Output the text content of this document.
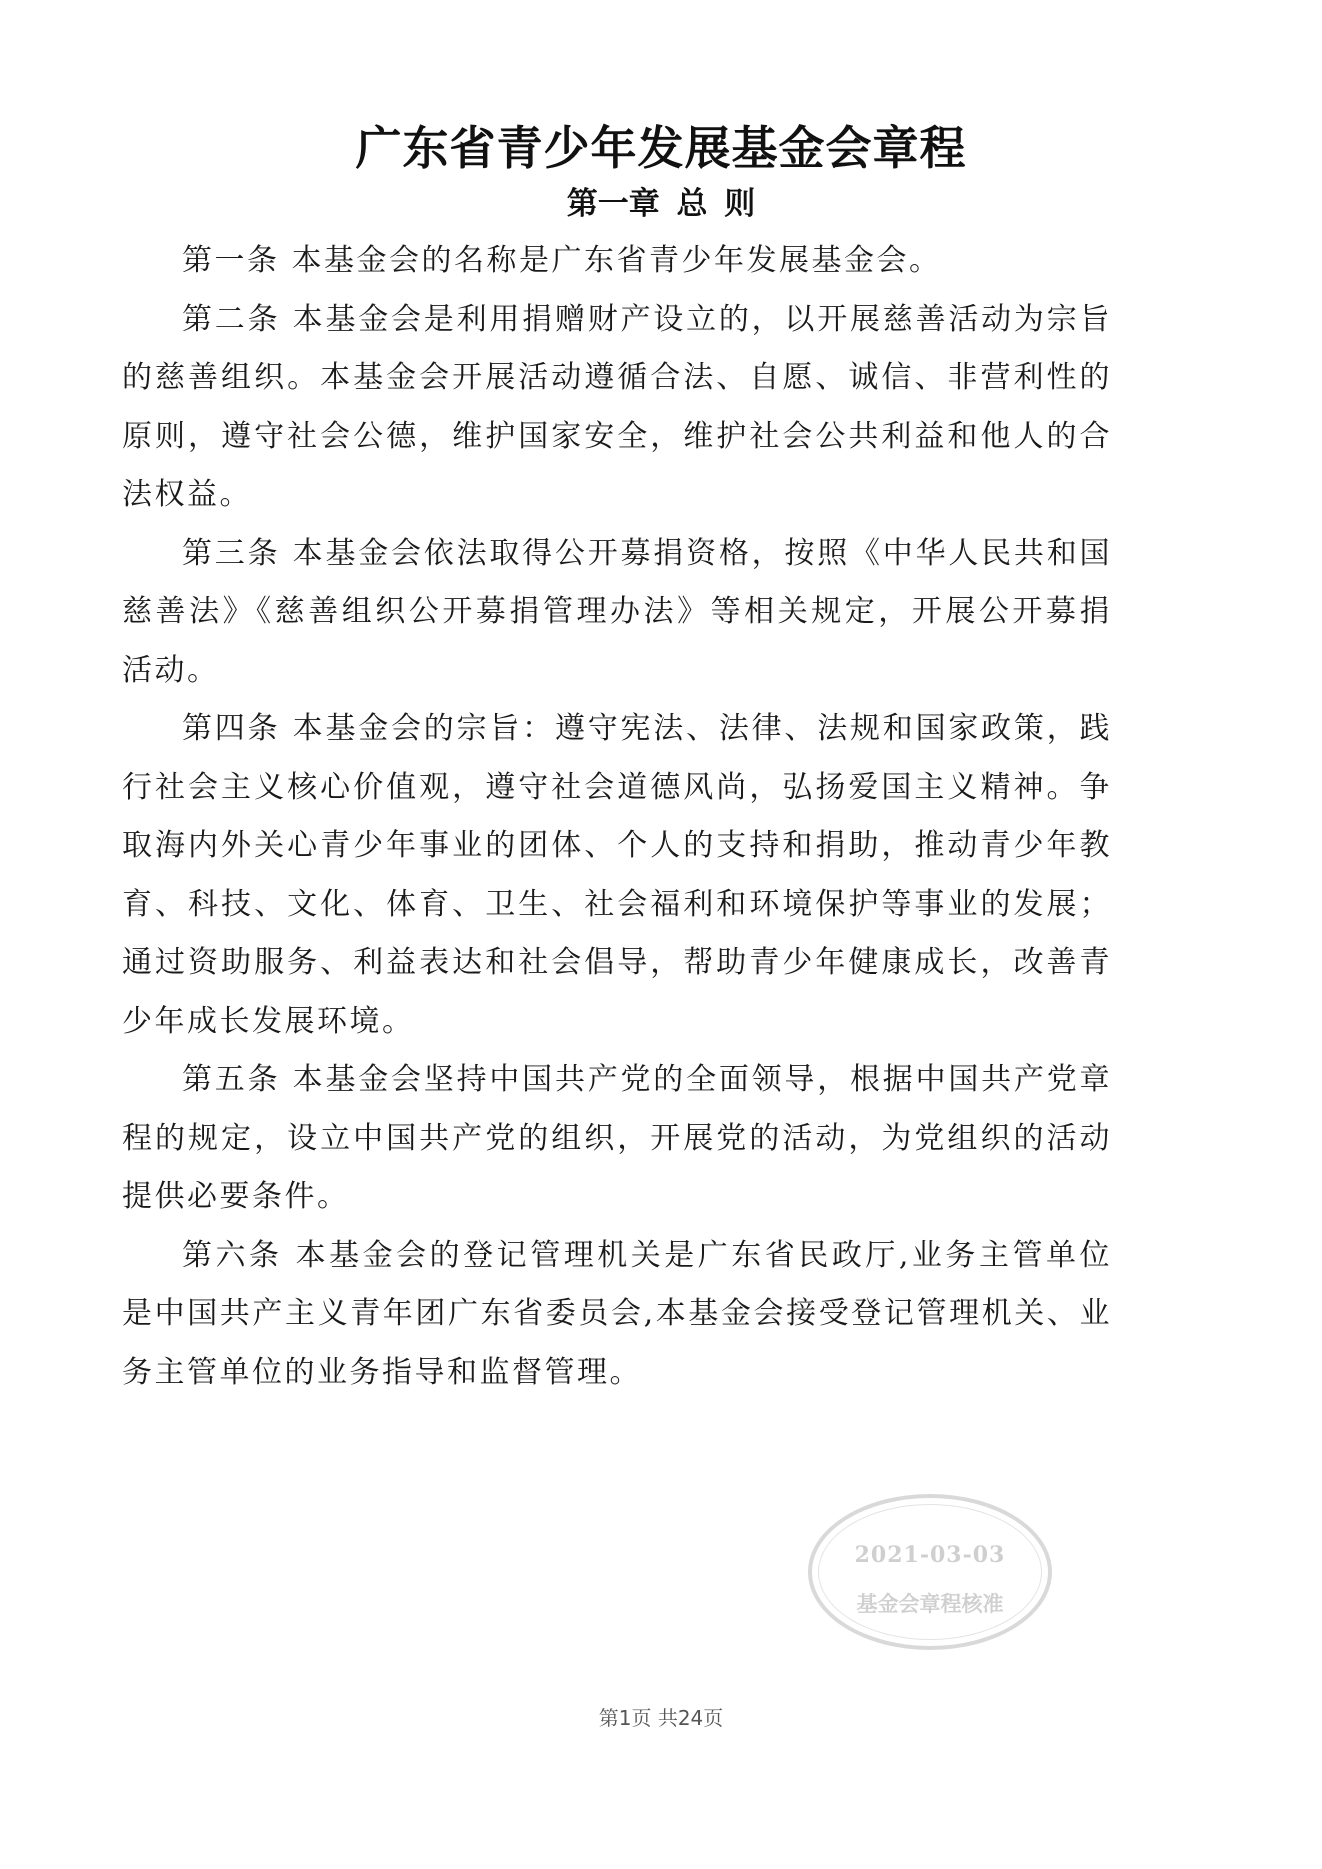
广东省青少年发展基金会章程
第一章 总 则

第一条 本基金会的名称是广东省青少年发展基金会。

第二条 本基金会是利用捐赠财产设立的，以开展慈善活动为宗旨的慈善组织。本基金会开展活动遵循合法、自愿、诚信、非营利性的原则，遵守社会公德，维护国家安全，维护社会公共利益和他人的合法权益。

第三条 本基金会依法取得公开募捐资格，按照《中华人民共和国慈善法》《慈善组织公开募捐管理办法》等相关规定，开展公开募捐活动。

第四条 本基金会的宗旨：遵守宪法、法律、法规和国家政策，践行社会主义核心价值观，遵守社会道德风尚，弘扬爱国主义精神。争取海内外关心青少年事业的团体、个人的支持和捐助，推动青少年教育、科技、文化、体育、卫生、社会福利和环境保护等事业的发展；通过资助服务、利益表达和社会倡导，帮助青少年健康成长，改善青少年成长发展环境。

第五条 本基金会坚持中国共产党的全面领导，根据中国共产党章程的规定，设立中国共产党的组织，开展党的活动，为党组织的活动提供必要条件。

第六条 本基金会的登记管理机关是广东省民政厅,业务主管单位是中国共产主义青年团广东省委员会,本基金会接受登记管理机关、业务主管单位的业务指导和监督管理。

2021-03-03
基金会章程核准
第1页 共24页
